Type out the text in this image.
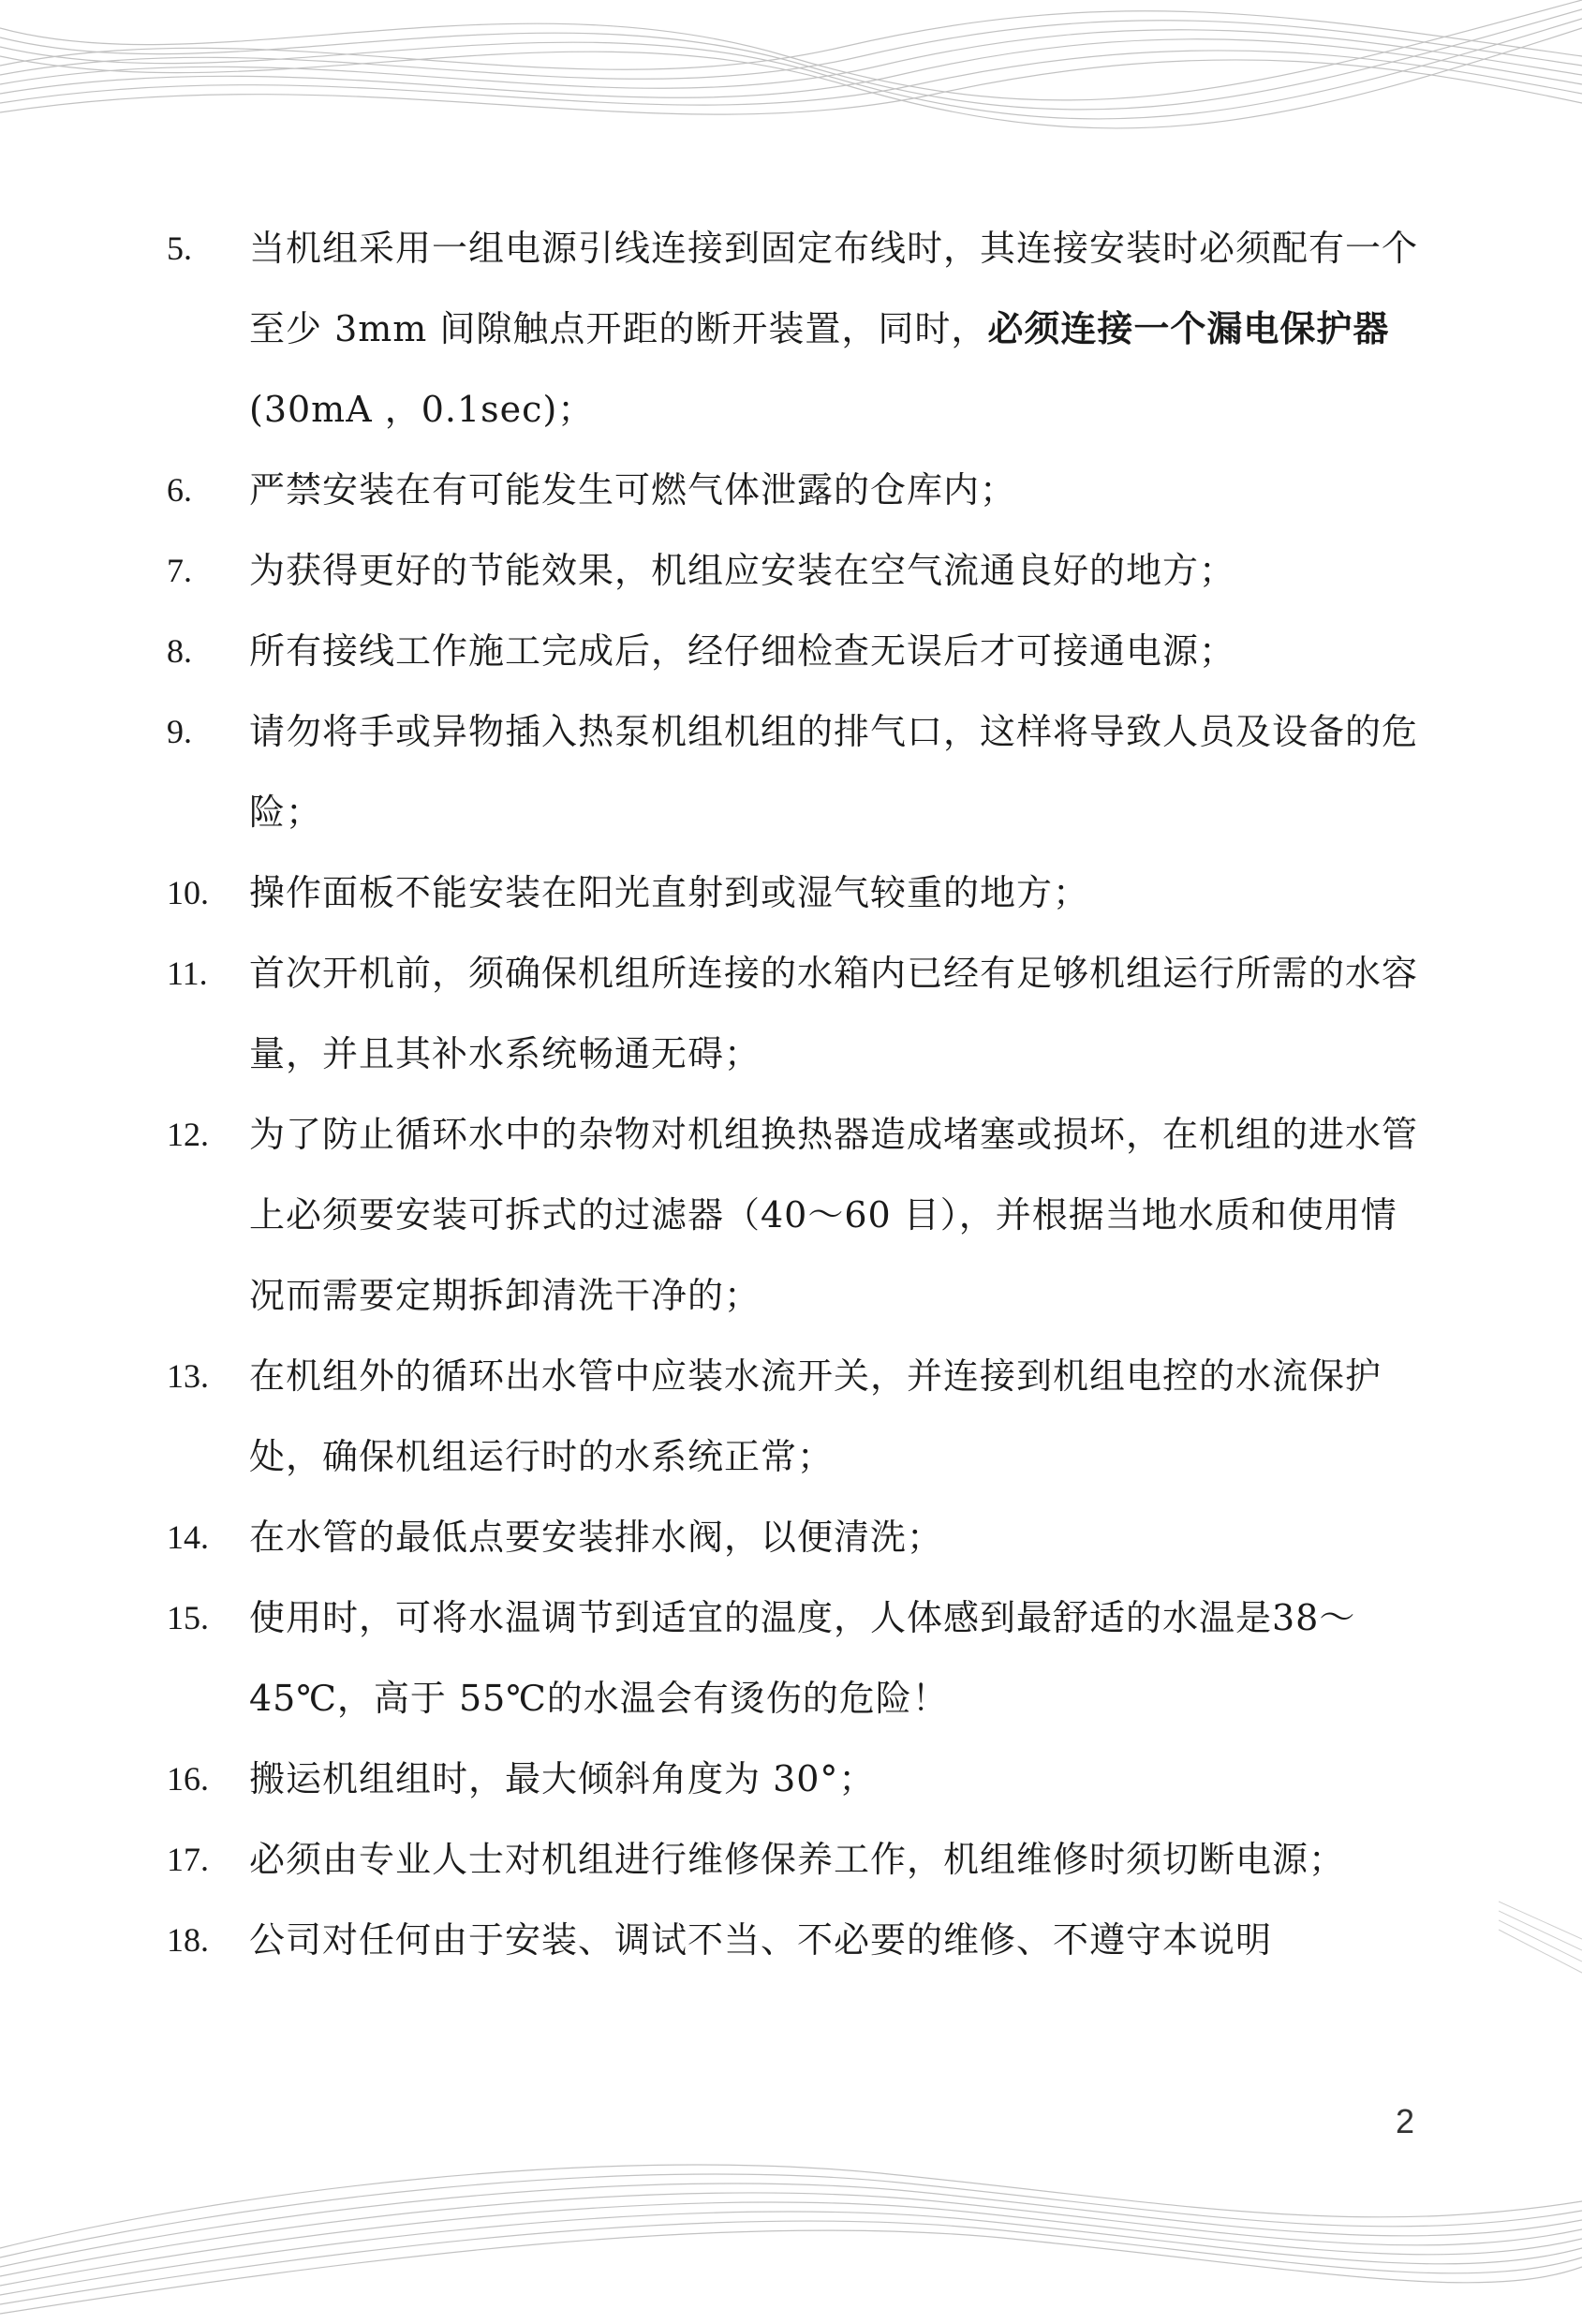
5. 当机组采用一组电源引线连接到固定布线时，其连接安装时必须配有一个至少 3mm 间隙触点开距的断开装置，同时，必须连接一个漏电保护器(30mA ，0.1sec)；
6. 严禁安装在有可能发生可燃气体泄露的仓库内；
7. 为获得更好的节能效果，机组应安装在空气流通良好的地方；
8. 所有接线工作施工完成后，经仔细检查无误后才可接通电源；
9. 请勿将手或异物插入热泵机组机组的排气口，这样将导致人员及设备的危险；
10. 操作面板不能安装在阳光直射到或湿气较重的地方；
11. 首次开机前，须确保机组所连接的水箱内已经有足够机组运行所需的水容量，并且其补水系统畅通无碍；
12. 为了防止循环水中的杂物对机组换热器造成堵塞或损坏，在机组的进水管上必须要安装可拆式的过滤器（40～60 目），并根据当地水质和使用情况而需要定期拆卸清洗干净的；
13. 在机组外的循环出水管中应装水流开关，并连接到机组电控的水流保护处，确保机组运行时的水系统正常；
14. 在水管的最低点要安装排水阀，以便清洗；
15. 使用时，可将水温调节到适宜的温度，人体感到最舒适的水温是38～45℃，高于 55℃的水温会有烫伤的危险！
16. 搬运机组组时，最大倾斜角度为 30°；
17. 必须由专业人士对机组进行维修保养工作，机组维修时须切断电源；
18. 公司对任何由于安装、调试不当、不必要的维修、不遵守本说明
2
